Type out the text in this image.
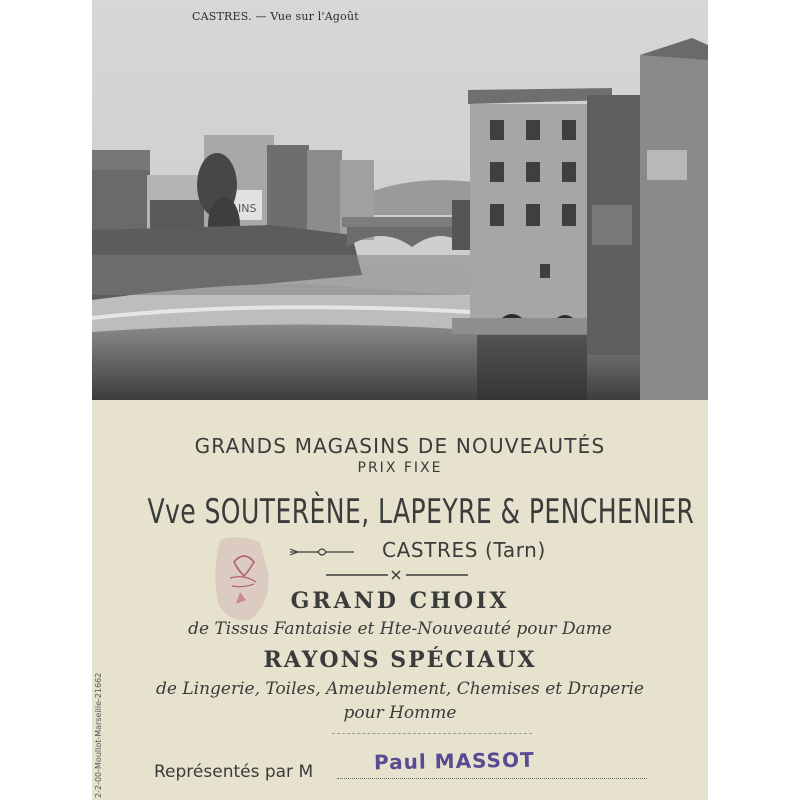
INS
CASTRES. — Vue sur l'Agoût
2-2-00-Moullot-Marseille-21662
GRANDS MAGASINS DE NOUVEAUTÉS
PRIX FIXE
Vve SOUTERÈNE, LAPEYRE & PENCHENIER
CASTRES (Tarn)
GRAND CHOIX
de Tissus Fantaisie et Hte-Nouveauté pour Dame
RAYONS SPÉCIAUX
de Lingerie, Toiles, Ameublement, Chemises et Draperie
pour Homme
Représentés par M	Paul MASSOT
